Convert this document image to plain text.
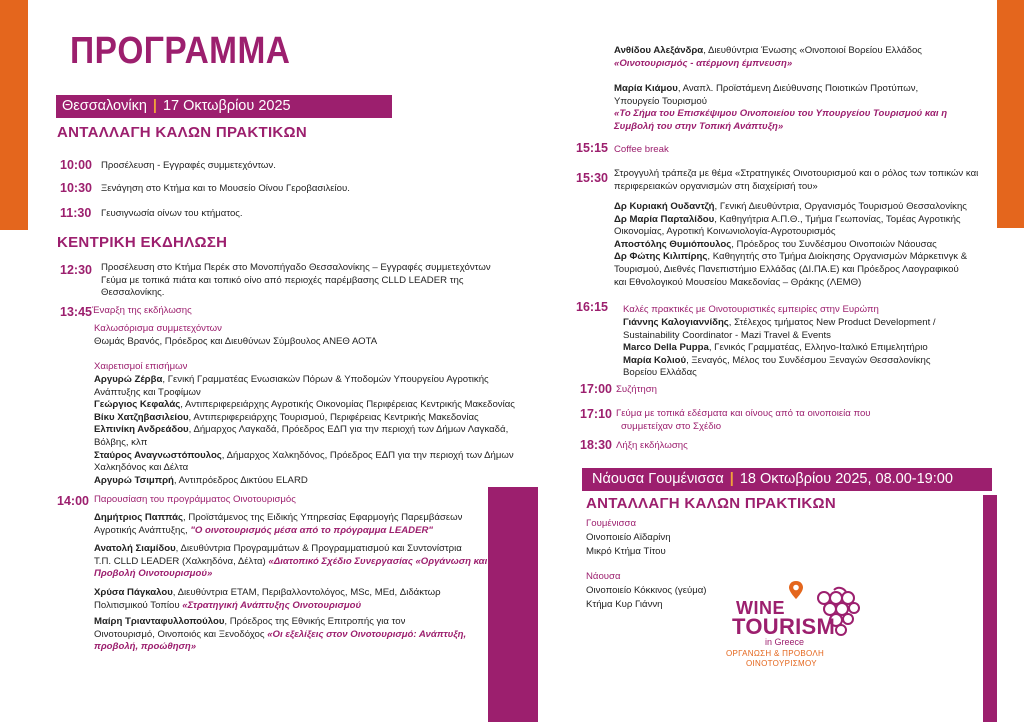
ΠΡΟΓΡΑΜΜΑ
Θεσσαλονίκη | 17 Οκτωβρίου 2025
ΑΝΤΑΛΛΑΓΗ ΚΑΛΩΝ ΠΡΑΚΤΙΚΩΝ
10:00 Προσέλευση - Εγγραφές συμμετεχόντων.
10:30 Ξενάγηση στο Κτήμα και το Μουσείο Οίνου Γεροβασιλείου.
11:30 Γευσιγνωσία οίνων του κτήματος.
ΚΕΝΤΡΙΚΗ ΕΚΔΗΛΩΣΗ
12:30 Προσέλευση στο Κτήμα Περέκ στο Μονοπήγαδο Θεσσαλονίκης – Εγγραφές συμμετεχόντων
Γεύμα με τοπικά πιάτα και τοπικό οίνο από περιοχές παρέμβασης CLLD LEADER της
Θεσσαλονίκης.
13:45 Έναρξη της εκδήλωσης
Καλωσόρισμα συμμετεχόντων
Θωμάς Βρανός, Πρόεδρος και Διευθύνων Σύμβουλος ΑΝΕΘ ΑΟΤΑ
Χαιρετισμοί επισήμων
Αργυρώ Ζέρβα, Γενική Γραμματέας Ενωσιακών Πόρων & Υποδομών Υπουργείου Αγροτικής
Ανάπτυξης και Τροφίμων
Γεώργιος Κεφαλάς, Αντιπεριφερειάρχης Αγροτικής Οικονομίας Περιφέρειας Κεντρικής Μακεδονίας
Βίκυ Χατζηβασιλείου, Αντιπεριφερειάρχης Τουρισμού, Περιφέρειας Κεντρικής Μακεδονίας
Ελπινίκη Ανδρεάδου, Δήμαρχος Λαγκαδά, Πρόεδρος ΕΔΠ για την περιοχή των Δήμων Λαγκαδά,
Βόλβης, κλπ
Σταύρος Αναγνωστόπουλος, Δήμαρχος Χαλκηδόνος, Πρόεδρος ΕΔΠ για την περιοχή των Δήμων
Χαλκηδόνος και Δέλτα
Αργυρώ Τσιμπρή, Αντιπρόεδρος Δικτύου ELARD
14:00 Παρουσίαση του προγράμματος Οινοτουρισμός
Δημήτριος Παππάς, Προϊστάμενος της Ειδικής Υπηρεσίας Εφαρμογής Παρεμβάσεων
Αγροτικής Ανάπτυξης, "Ο οινοτουρισμός μέσα από το πρόγραμμα LEADER"
Ανατολή Σιαμίδου, Διευθύντρια Προγραμμάτων & Προγραμματισμού και Συντονίστρια
Τ.Π. CLLD LEADER (Χαλκηδόνα, Δέλτα) «Διατοπικό Σχέδιο Συνεργασίας «Οργάνωση και
Προβολή Οινοτουρισμού»
Χρύσα Πάγκαλου, Διευθύντρια ΕΤΑΜ, Περιβαλλοντολόγος, MSc, MEd, Διδάκτωρ
Πολιτισμικού Τοπίου «Στρατηγική Ανάπτυξης Οινοτουρισμού
Μαίρη Τριανταφυλλοπούλου, Πρόεδρος της Εθνικής Επιτροπής για τον
Οινοτουρισμό, Οινοποιός και Ξενοδόχος «Οι εξελίξεις στον Οινοτουρισμό: Ανάπτυξη,
προβολή, προώθηση»
Ανθίδου Αλεξάνδρα, Διευθύντρια Ένωσης «Οινοποιοί Βορείου Ελλάδος
«Οινοτουρισμός - ατέρμονη έμπνευση»
Μαρία Κιάμου, Αναπλ. Προϊστάμενη Διεύθυνσης Ποιοτικών Προτύπων,
Υπουργείο Τουρισμού
«Το Σήμα του Επισκέψιμου Οινοποιείου του Υπουργείου Τουρισμού και η
Συμβολή του στην Τοπική Ανάπτυξη»
15:15 Coffee break
15:30 Στρογγυλή τράπεζα με θέμα «Στρατηγικές Οινοτουρισμού και ο ρόλος των τοπικών και
περιφερειακών οργανισμών στη διαχείρισή του»
Δρ Κυριακή Ουδαντζή, Γενική Διευθύντρια, Οργανισμός Τουρισμού Θεσσαλονίκης
Δρ Μαρία Παρταλίδου, Καθηγήτρια Α.Π.Θ., Τμήμα Γεωπονίας, Τομέας Αγροτικής
Οικονομίας, Αγροτική Κοινωνιολογία-Αγροτουρισμός
Αποστόλης Θυμιόπουλος, Πρόεδρος του Συνδέσμου Οινοποιών Νάουσας
Δρ Φώτης Κιλιπίρης, Καθηγητής στο Τμήμα Διοίκησης Οργανισμών Μάρκετινγκ &
Τουρισμού, Διεθνές Πανεπιστήμιο Ελλάδας (ΔΙ.ΠΑ.Ε) και Πρόεδρος Λαογραφικού
και Εθνολογικού Μουσείου Μακεδονίας – Θράκης (ΛΕΜΘ)
16:15 Καλές πρακτικές με Οινοτουριστικές εμπειρίες στην Ευρώπη
Γιάννης Καλογιαννίδης, Στέλεχος τμήματος New Product Development /
Sustainability Coordinator - Mazi Travel & Events
Marco Della Puppa, Γενικός Γραμματέας, Ελληνο-Ιταλικό Επιμελητήριο
Μαρία Κολιού, Ξεναγός, Μέλος του Συνδέσμου Ξεναγών Θεσσαλονίκης
Βορείου Ελλάδας
17:00 Συζήτηση
17:10 Γεύμα με τοπικά εδέσματα και οίνους από τα οινοποιεία που
συμμετείχαν στο Σχέδιο
18:30 Λήξη εκδήλωσης
Νάουσα Γουμένισσα | 18 Οκτωβρίου 2025, 08.00-19:00
ΑΝΤΑΛΛΑΓΗ ΚΑΛΩΝ ΠΡΑΚΤΙΚΩΝ
Γουμένισσα
Οινοποιείο Αϊδαρίνη
Μικρό Κτήμα Τίτου
Νάουσα
Οινοποιείο Κόκκινος (γεύμα)
Κτήμα Κυρ Γιάννη	WINE
TOURISM
in Greece
ΟΡΓΑΝΩΣΗ & ΠΡΟΒΟΛΗ
ΟΙΝΟΤΟΥΡΙΣΜΟΥ
